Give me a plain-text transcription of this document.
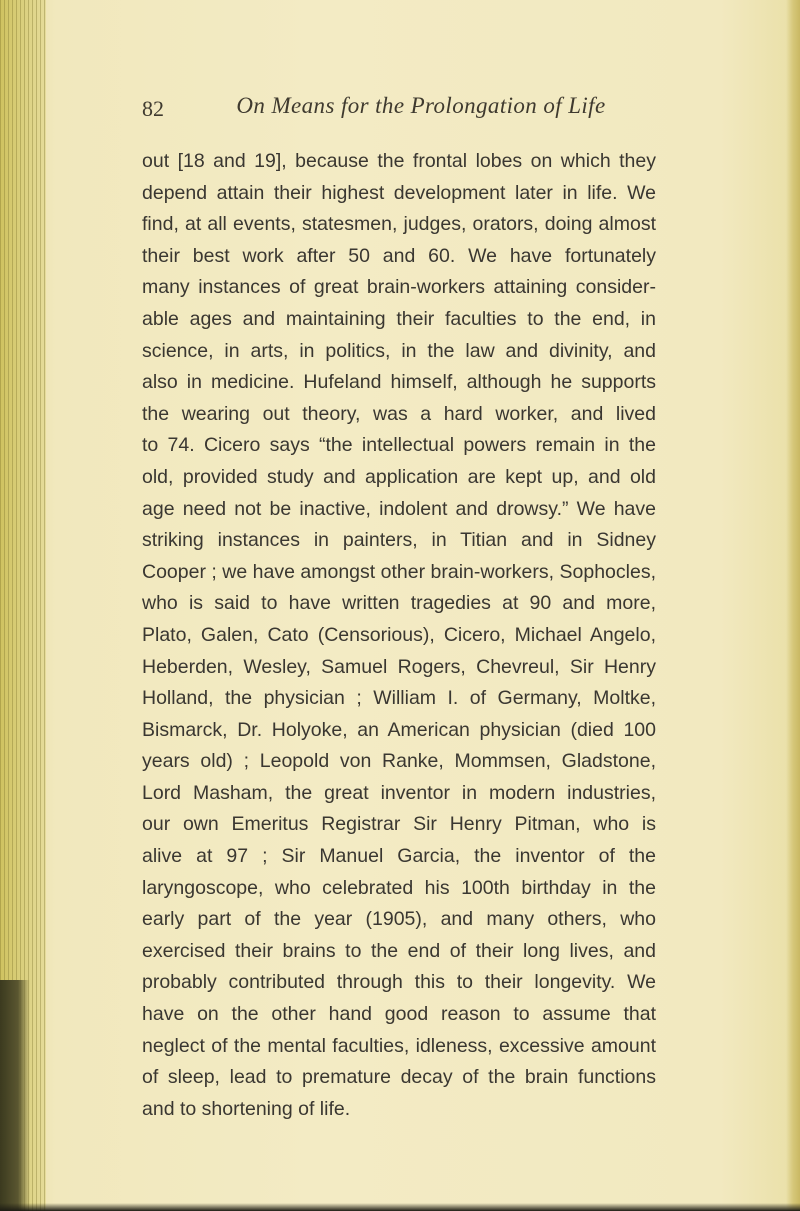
82	On Means for the Prolongation of Life
out [18 and 19], because the frontal lobes on which they
depend attain their highest development later in life. We
find, at all events, statesmen, judges, orators, doing almost
their best work after 50 and 60. We have fortunately
many instances of great brain-workers attaining consider-
able ages and maintaining their faculties to the end, in
science, in arts, in politics, in the law and divinity, and
also in medicine. Hufeland himself, although he supports
the wearing out theory, was a hard worker, and lived
to 74. Cicero says “the intellectual powers remain in the
old, provided study and application are kept up, and old
age need not be inactive, indolent and drowsy.” We have
striking instances in painters, in Titian and in Sidney
Cooper ; we have amongst other brain-workers, Sophocles,
who is said to have written tragedies at 90 and more,
Plato, Galen, Cato (Censorious), Cicero, Michael Angelo,
Heberden, Wesley, Samuel Rogers, Chevreul, Sir Henry
Holland, the physician ; William I. of Germany, Moltke,
Bismarck, Dr. Holyoke, an American physician (died 100
years old) ; Leopold von Ranke, Mommsen, Gladstone,
Lord Masham, the great inventor in modern industries,
our own Emeritus Registrar Sir Henry Pitman, who is
alive at 97 ; Sir Manuel Garcia, the inventor of the
laryngoscope, who celebrated his 100th birthday in the
early part of the year (1905), and many others, who
exercised their brains to the end of their long lives, and
probably contributed through this to their longevity. We
have on the other hand good reason to assume that
neglect of the mental faculties, idleness, excessive amount
of sleep, lead to premature decay of the brain functions
and to shortening of life.
